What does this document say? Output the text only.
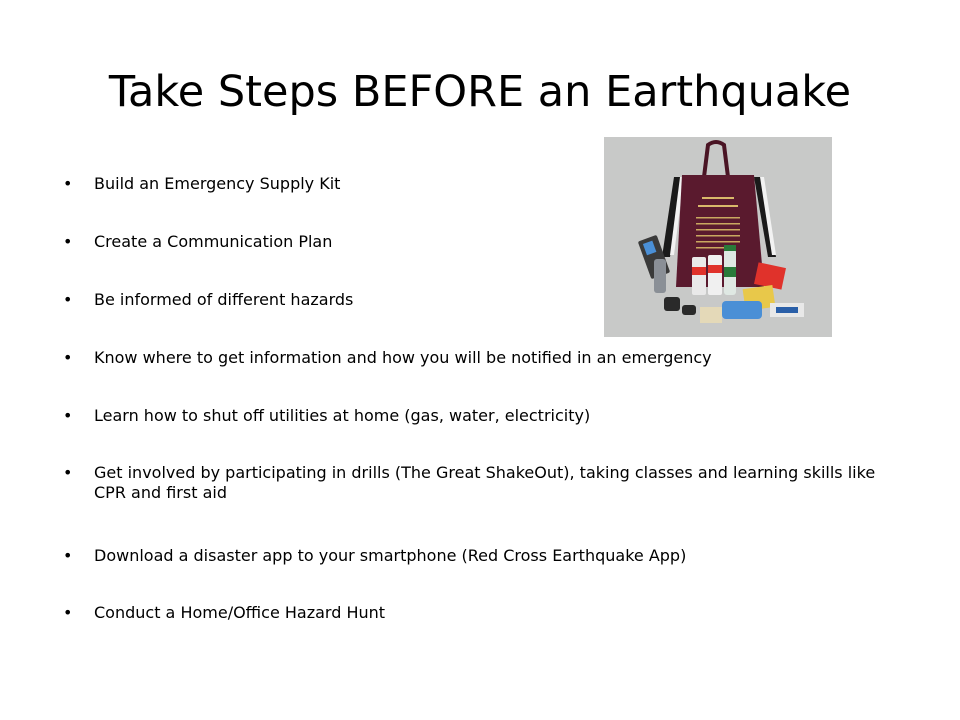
Take Steps BEFORE an Earthquake
• Build an Emergency Supply Kit
• Create a Communication Plan
• Be informed of different hazards
• Know where to get information and how you will be notified in an emergency
• Learn how to shut off utilities at home (gas, water, electricity)
• Get involved by participating in drills (The Great ShakeOut), taking classes and learning skills like CPR and first aid
• Download a disaster app to your smartphone (Red Cross Earthquake App)
• Conduct a Home/Office Hazard Hunt
